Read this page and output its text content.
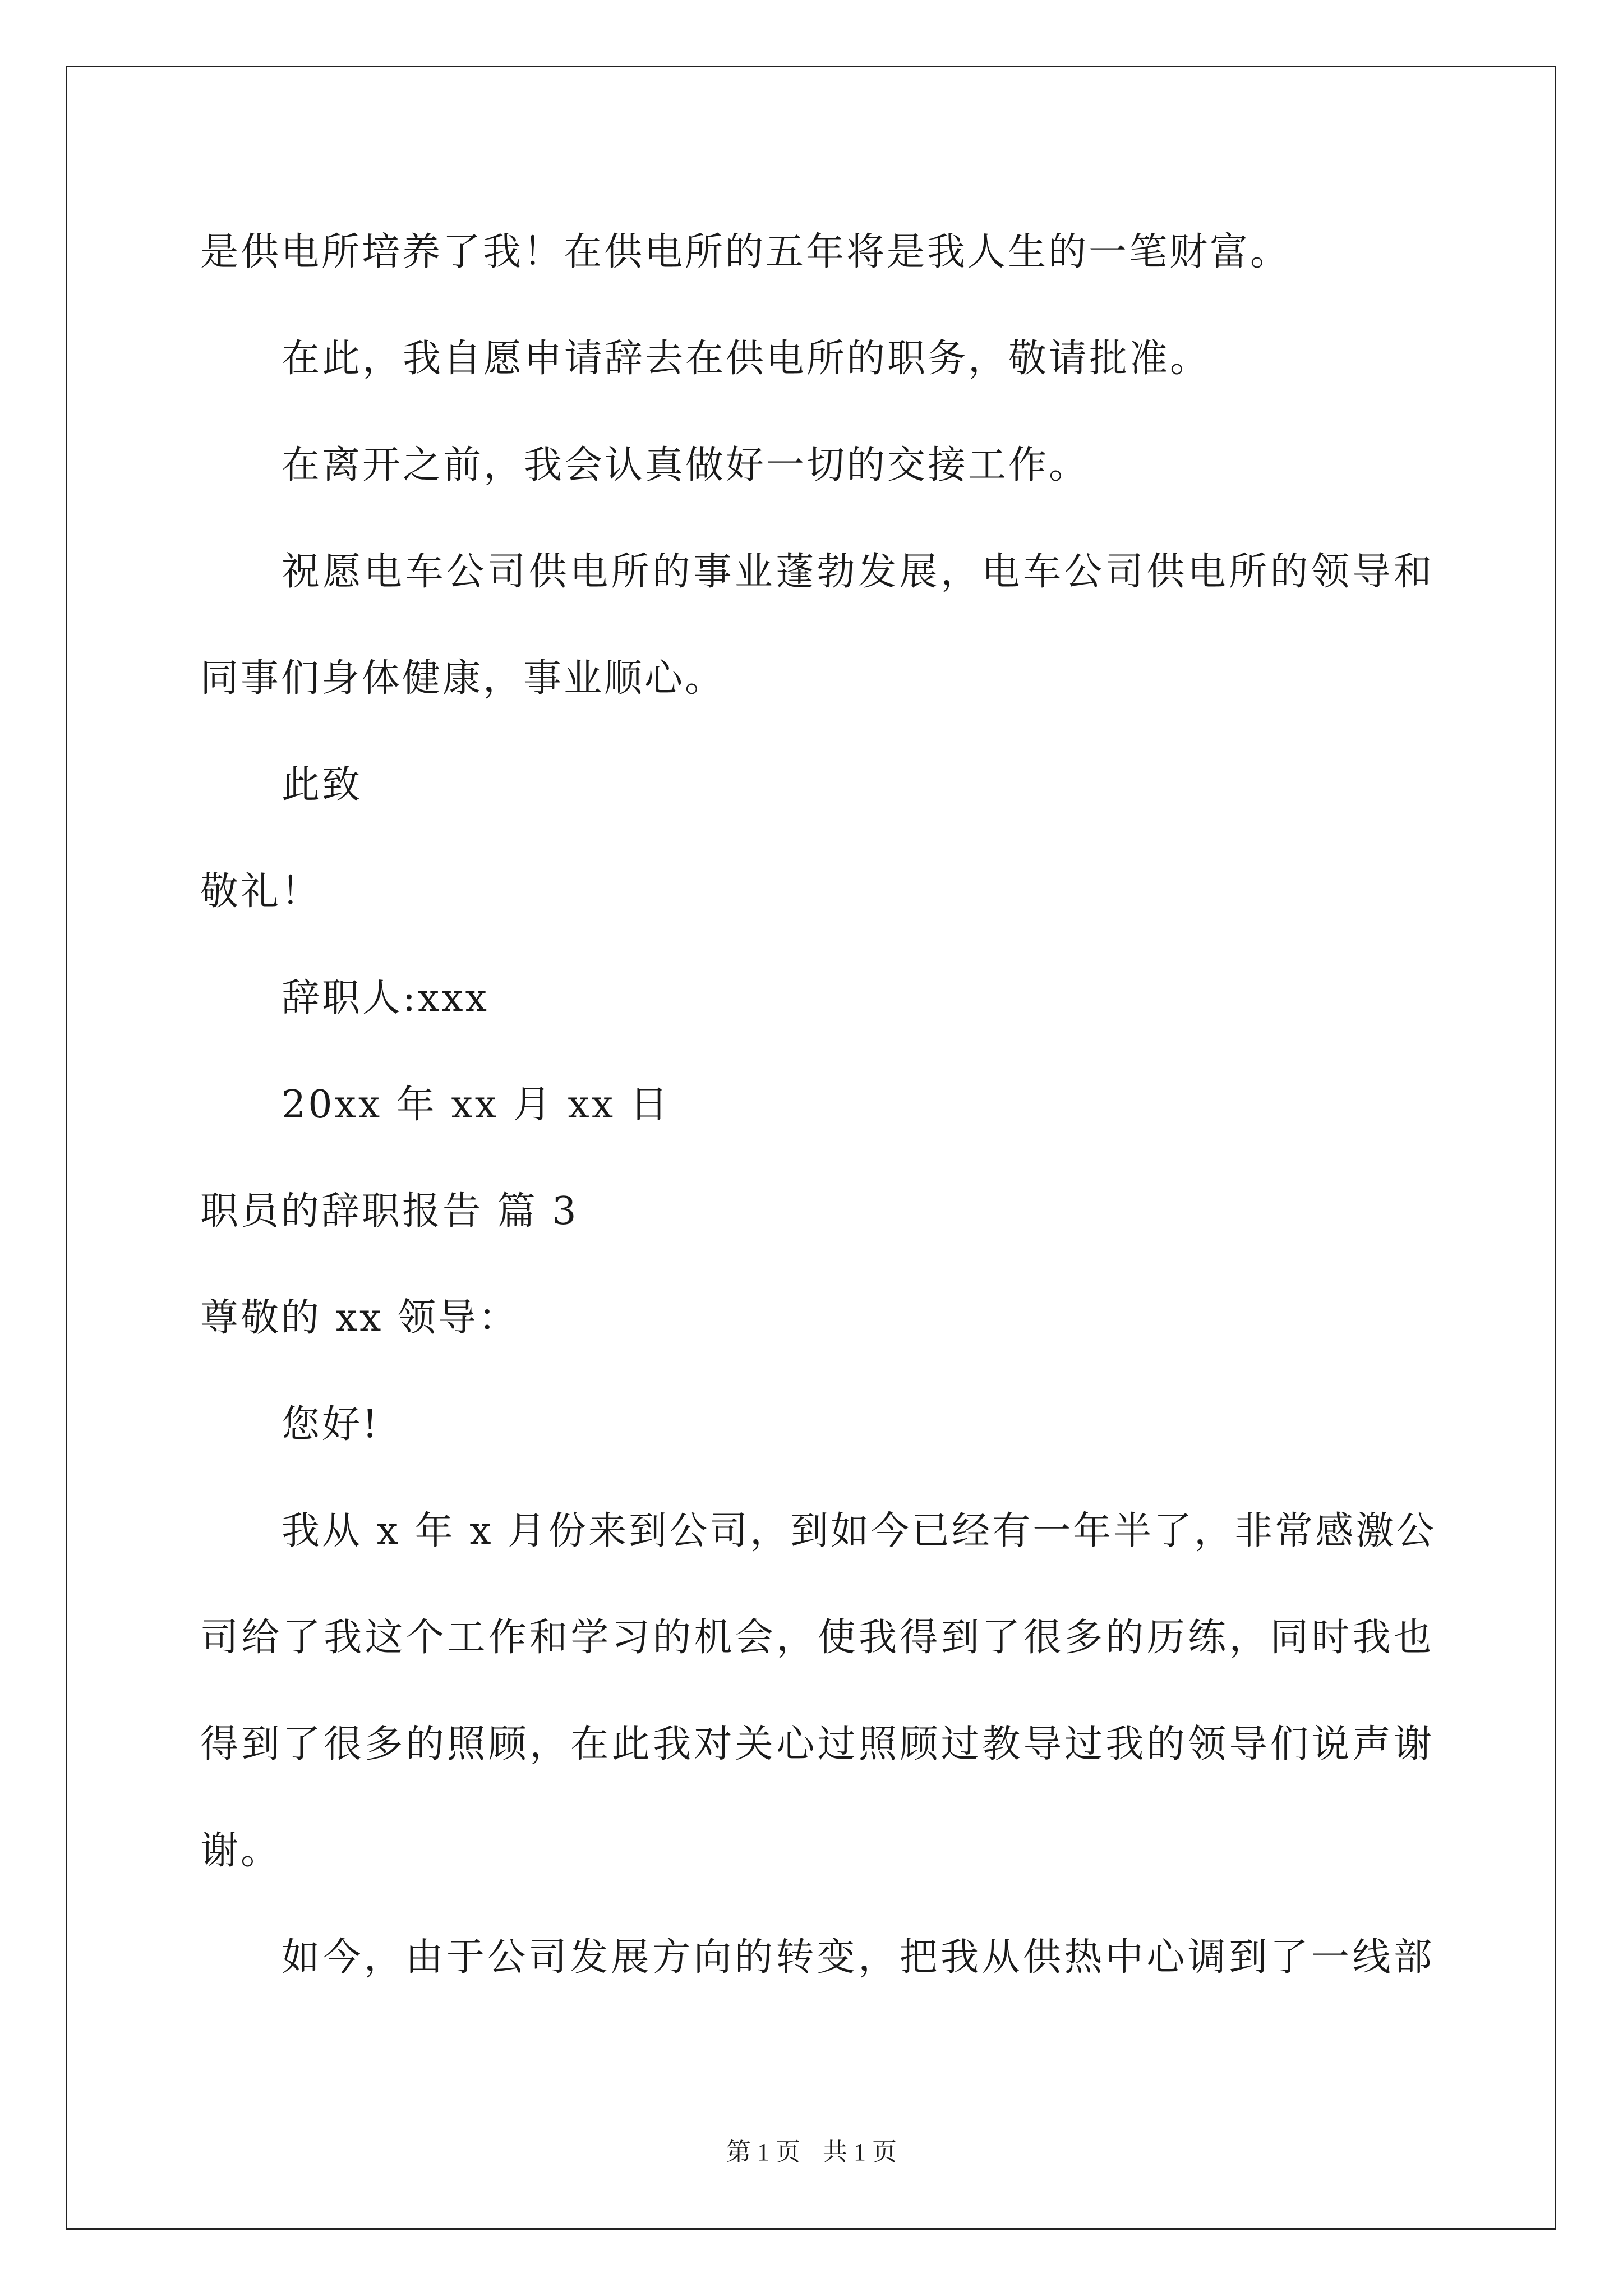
是供电所培养了我！在供电所的五年将是我人生的一笔财富。
在此，我自愿申请辞去在供电所的职务，敬请批准。
在离开之前，我会认真做好一切的交接工作。
祝愿电车公司供电所的事业蓬勃发展，电车公司供电所的领导和
同事们身体健康，事业顺心。
此致
敬礼！
辞职人:xxx
20xx 年 xx 月 xx 日
职员的辞职报告 篇 3
尊敬的 xx 领导：
您好!
我从 x 年 x 月份来到公司，到如今已经有一年半了，非常感激公
司给了我这个工作和学习的机会，使我得到了很多的历练，同时我也
得到了很多的照顾，在此我对关心过照顾过教导过我的领导们说声谢
谢。
如今，由于公司发展方向的转变，把我从供热中心调到了一线部
第 1 页 共 1 页
